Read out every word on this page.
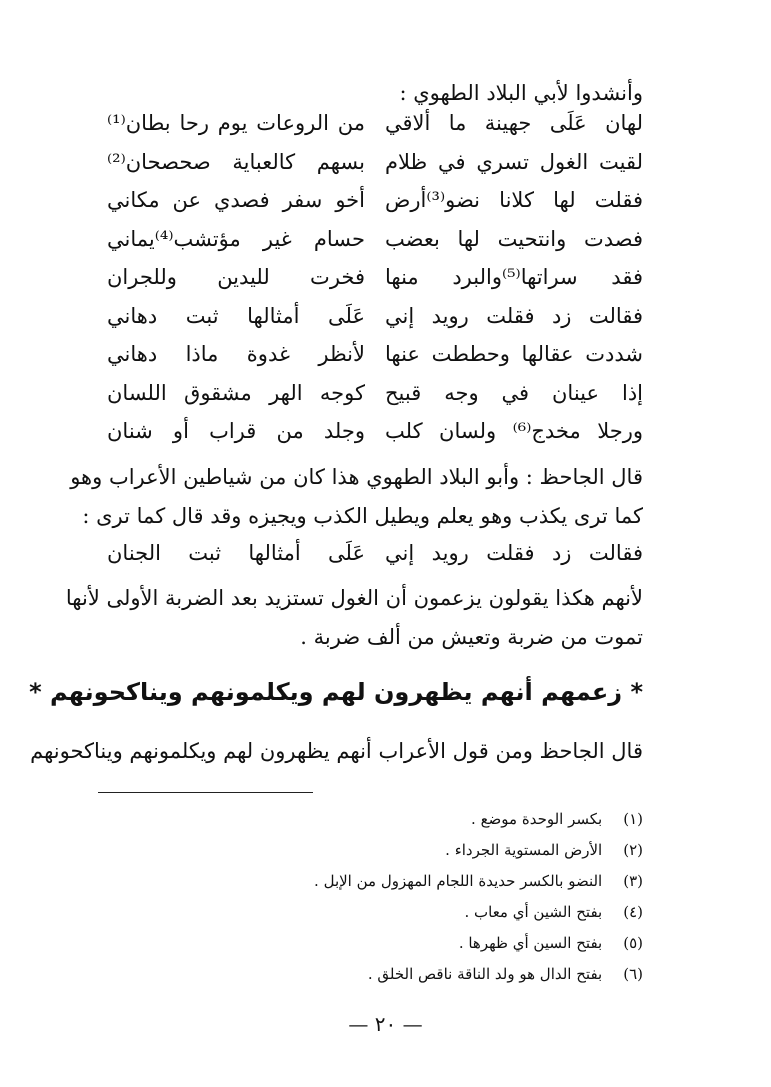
وأنشدوا لأبي البلاد الطهوي :
لهان عَلَى جهينة ما ألاقي
من الروعات يوم رحا بطان⁽¹⁾
لقيت الغول تسري في ظلام
بسهم كالعباية صحصحان⁽²⁾
فقلت لها كلانا نضو⁽³⁾أرض
أخو سفر فصدي عن مكاني
فصدت وانتحيت لها بعضب
حسام غير مؤتشب⁽⁴⁾يماني
فقد سراتها⁽⁵⁾والبرد منها
فخرت لليدين وللجران
فقالت زد فقلت رويد إني
عَلَى أمثالها ثبت دهاني
شددت عقالها وحططت عنها
لأنظر غدوة ماذا دهاني
إذا عينان في وجه قبيح
كوجه الهر مشقوق اللسان
ورجلا مخدج⁽⁶⁾ ولسان كلب
وجلد من قراب أو شنان
قال الجاحظ : وأبو البلاد الطهوي هذا كان من شياطين الأعراب وهو
كما ترى يكذب وهو يعلم ويطيل الكذب ويجيزه وقد قال كما ترى :
فقالت زد فقلت رويد إني
عَلَى أمثالها ثبت الجنان
لأنهم هكذا يقولون يزعمون أن الغول تستزيد بعد الضربة الأولى لأنها
تموت من ضربة وتعيش من ألف ضربة .
* زعمهم أنهم يظهرون لهم ويكلمونهم ويناكحونهم *
قال الجاحظ ومن قول الأعراب أنهم يظهرون لهم ويكلمونهم ويناكحونهم
(١) بكسر الوحدة موضع .
(٢) الأرض المستوية الجرداء .
(٣) النضو بالكسر حديدة اللجام المهزول من الإبل .
(٤) بفتح الشين أي معاب .
(٥) بفتح السين أي ظهرها .
(٦) بفتح الدال هو ولد الناقة ناقص الخلق .
— ٢٠ —
